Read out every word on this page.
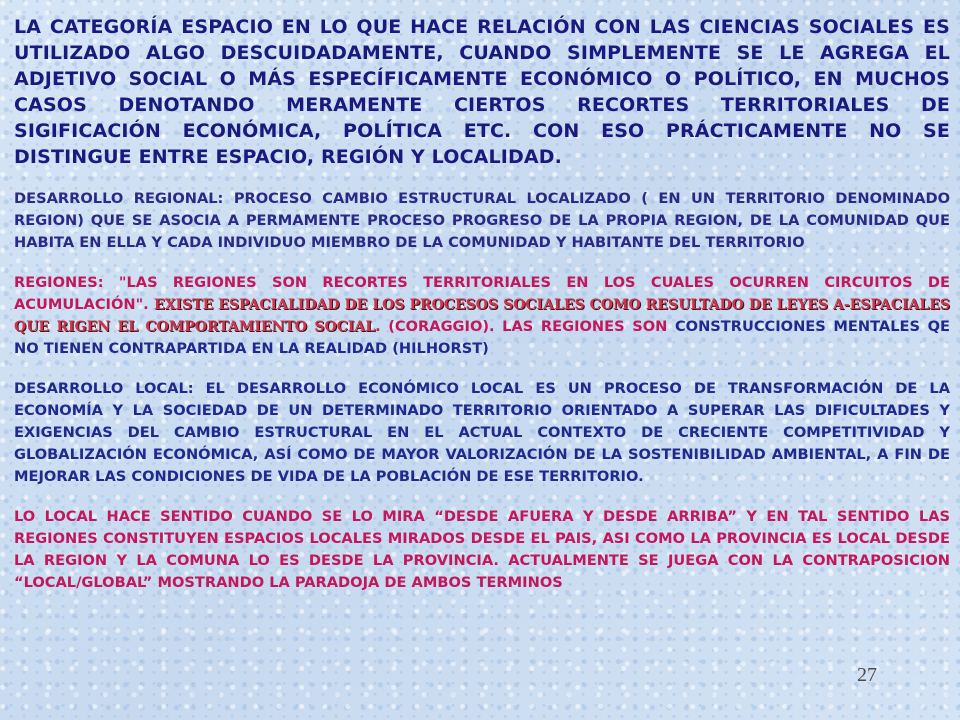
LA CATEGORÍA ESPACIO EN LO QUE HACE RELACIÓN CON LAS CIENCIAS SOCIALES ES UTILIZADO ALGO DESCUIDADAMENTE, CUANDO SIMPLEMENTE SE LE AGREGA EL ADJETIVO SOCIAL O MÁS ESPECÍFICAMENTE ECONÓMICO O POLÍTICO, EN MUCHOS CASOS DENOTANDO MERAMENTE CIERTOS RECORTES TERRITORIALES DE SIGIFICACIÓN ECONÓMICA, POLÍTICA ETC. CON ESO PRÁCTICAMENTE NO SE DISTINGUE ENTRE ESPACIO, REGIÓN Y LOCALIDAD.

DESARROLLO REGIONAL: PROCESO CAMBIO ESTRUCTURAL LOCALIZADO ( EN UN TERRITORIO DENOMINADO REGION) QUE SE ASOCIA A PERMAMENTE PROCESO PROGRESO DE LA PROPIA REGION, DE LA COMUNIDAD QUE HABITA EN ELLA Y CADA INDIVIDUO MIEMBRO DE LA COMUNIDAD Y HABITANTE DEL TERRITORIO

REGIONES: "LAS REGIONES SON RECORTES TERRITORIALES EN LOS CUALES OCURREN CIRCUITOS DE ACUMULACIÓN". EXISTE ESPACIALIDAD DE LOS PROCESOS SOCIALES COMO RESULTADO DE LEYES A-ESPACIALES QUE RIGEN EL COMPORTAMIENTO SOCIAL. (CORAGGIO). LAS REGIONES SON CONSTRUCCIONES MENTALES QE NO TIENEN CONTRAPARTIDA EN LA REALIDAD (HILHORST)

DESARROLLO LOCAL: EL DESARROLLO ECONÓMICO LOCAL ES UN PROCESO DE TRANSFORMACIÓN DE LA ECONOMÍA Y LA SOCIEDAD DE UN DETERMINADO TERRITORIO ORIENTADO A SUPERAR LAS DIFICULTADES Y EXIGENCIAS DEL CAMBIO ESTRUCTURAL EN EL ACTUAL CONTEXTO DE CRECIENTE COMPETITIVIDAD Y GLOBALIZACIÓN ECONÓMICA, ASÍ COMO DE MAYOR VALORIZACIÓN DE LA SOSTENIBILIDAD AMBIENTAL, A FIN DE MEJORAR LAS CONDICIONES DE VIDA DE LA POBLACIÓN DE ESE TERRITORIO.

LO LOCAL HACE SENTIDO CUANDO SE LO MIRA “DESDE AFUERA Y DESDE ARRIBA” Y EN TAL SENTIDO LAS REGIONES CONSTITUYEN ESPACIOS LOCALES MIRADOS DESDE EL PAIS, ASI COMO LA PROVINCIA ES LOCAL DESDE LA REGION Y LA COMUNA LO ES DESDE LA PROVINCIA. ACTUALMENTE SE JUEGA CON LA CONTRAPOSICION “LOCAL/GLOBAL” MOSTRANDO LA PARADOJA DE AMBOS TERMINOS

27
